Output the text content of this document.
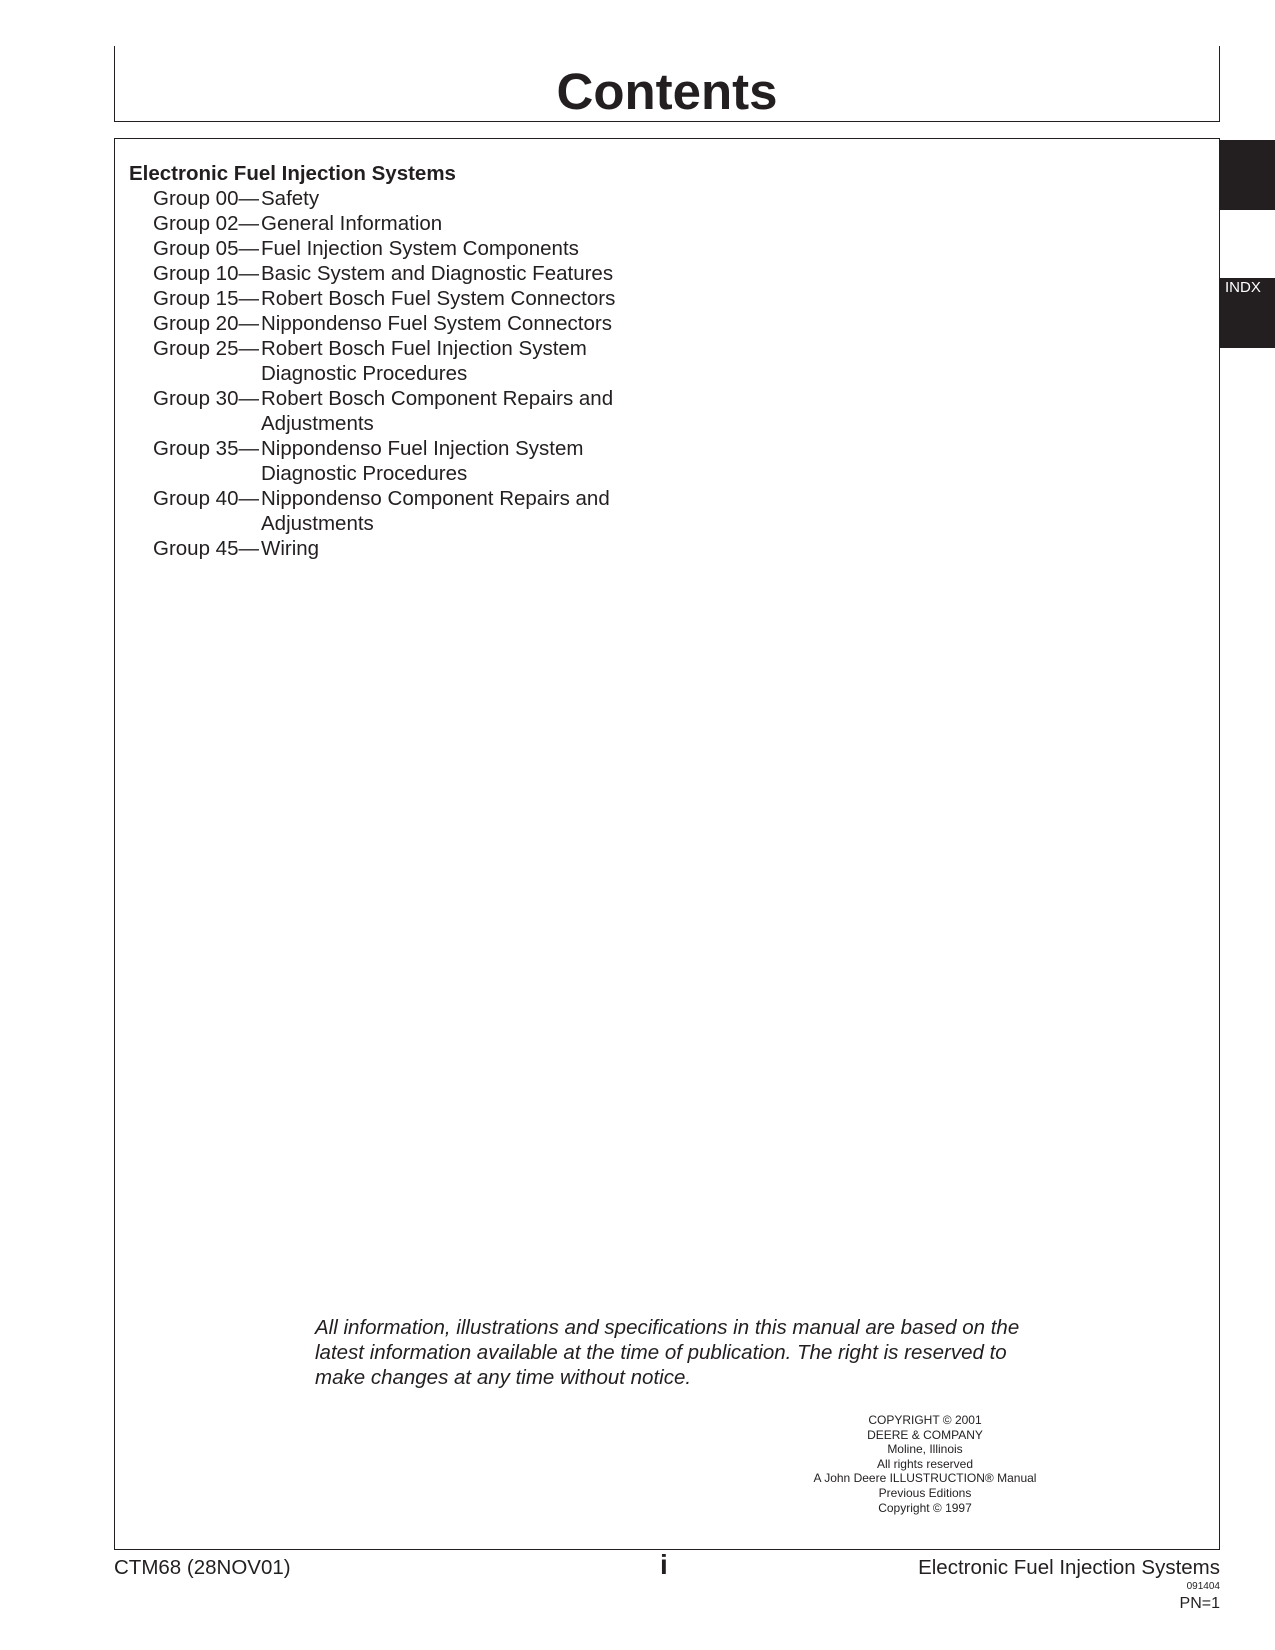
Contents

Electronic Fuel Injection Systems

Group 00— Safety
Group 02— General Information
Group 05— Fuel Injection System Components
Group 10— Basic System and Diagnostic Features
Group 15— Robert Bosch Fuel System Connectors
Group 20— Nippondenso Fuel System Connectors
Group 25— Robert Bosch Fuel Injection System
Diagnostic Procedures
Group 30— Robert Bosch Component Repairs and
Adjustments
Group 35— Nippondenso Fuel Injection System
Diagnostic Procedures
Group 40— Nippondenso Component Repairs and
Adjustments
Group 45— Wiring

All information, illustrations and specifications in this manual are based on the latest information available at the time of publication. The right is reserved to make changes at any time without notice.

COPYRIGHT © 2001
DEERE & COMPANY
Moline, Illinois
All rights reserved
A John Deere ILLUSTRUCTION® Manual
Previous Editions
Copyright © 1997
INDX
CTM68 (28NOV01)	i	Electronic Fuel Injection Systems
091404
PN=1
